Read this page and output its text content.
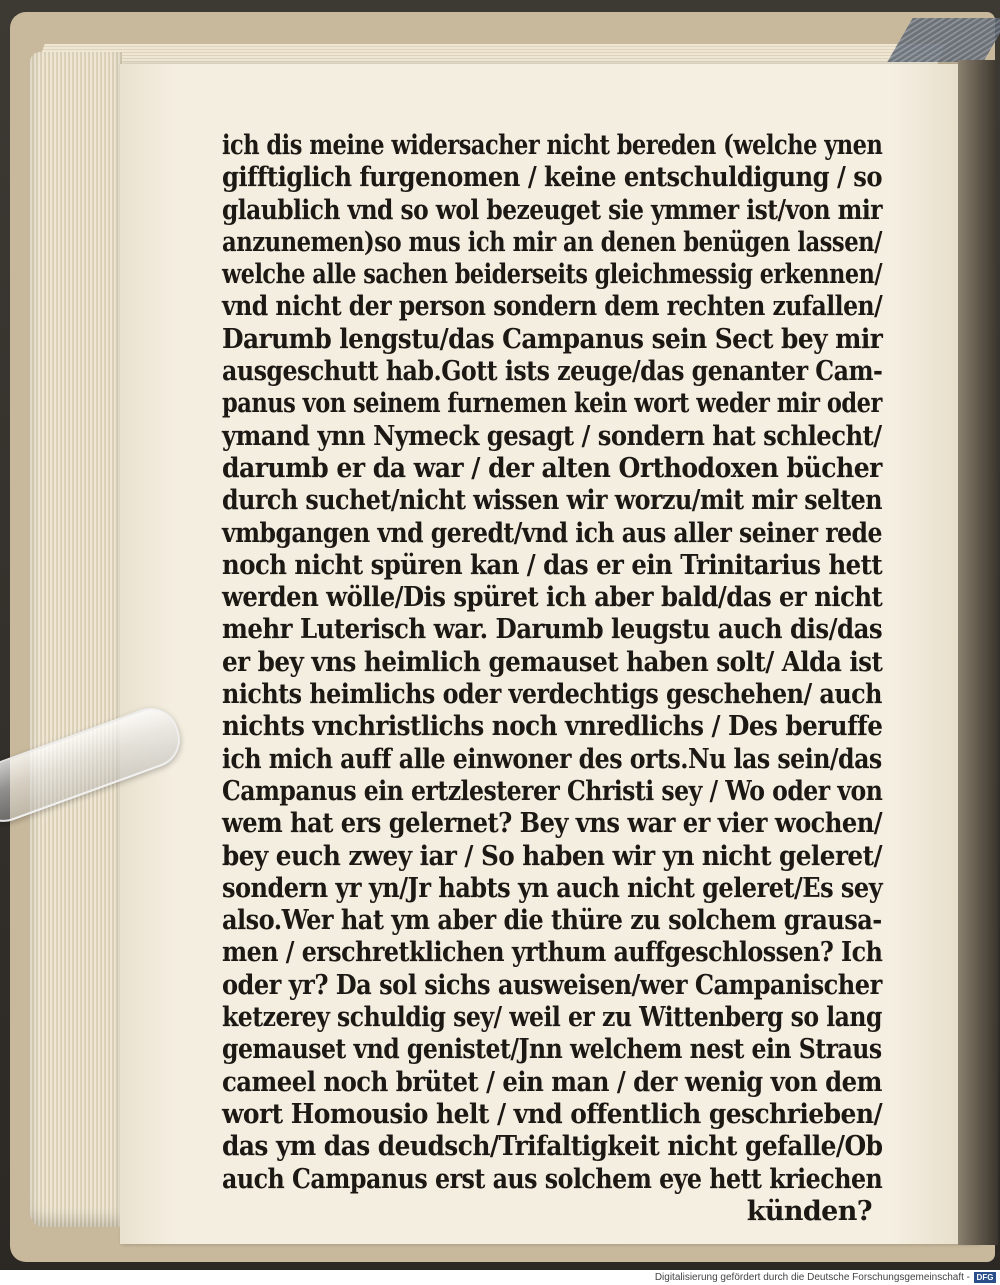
ich dis meine widersacher nicht bereden (welche ynen
gifftiglich furgenomen / keine entschuldigung / so
glaublich vnd so wol bezeuget sie ymmer ist/von mir
anzunemen)so mus ich mir an denen benügen lassen/
welche alle sachen beiderseits gleichmessig erkennen/
vnd nicht der person sondern dem rechten zufallen/
Darumb lengstu/das Campanus sein Sect bey mir
ausgeschutt hab.Gott ists zeuge/das genanter Cam-
panus von seinem furnemen kein wort weder mir oder
ymand ynn Nymeck gesagt / sondern hat schlecht/
darumb er da war / der alten Orthodoxen bücher
durch suchet/nicht wissen wir worzu/mit mir selten
vmbgangen vnd geredt/vnd ich aus aller seiner rede
noch nicht spüren kan / das er ein Trinitarius hett
werden wölle/Dis spüret ich aber bald/das er nicht
mehr Luterisch war. Darumb leugstu auch dis/das
er bey vns heimlich gemauset haben solt/ Alda ist
nichts heimlichs oder verdechtigs geschehen/ auch
nichts vnchristlichs noch vnredlichs / Des beruffe
ich mich auff alle einwoner des orts.Nu las sein/das
Campanus ein ertzlesterer Christi sey / Wo oder von
wem hat ers gelernet? Bey vns war er vier wochen/
bey euch zwey iar / So haben wir yn nicht geleret/
sondern yr yn/Jr habts yn auch nicht geleret/Es sey
also.Wer hat ym aber die thüre zu solchem grausa-
men / erschretklichen yrthum auffgeschlossen? Ich
oder yr? Da sol sichs ausweisen/wer Campanischer
ketzerey schuldig sey/ weil er zu Wittenberg so lang
gemauset vnd genistet/Jnn welchem nest ein Straus
cameel noch brütet / ein man / der wenig von dem
wort Homousio helt / vnd offentlich geschrieben/
das ym das deudsch/Trifaltigkeit nicht gefalle/Ob
auch Campanus erst aus solchem eye hett kriechen
künden?
Digitalisierung gefördert durch die Deutsche Forschungsgemeinschaft - DFG
